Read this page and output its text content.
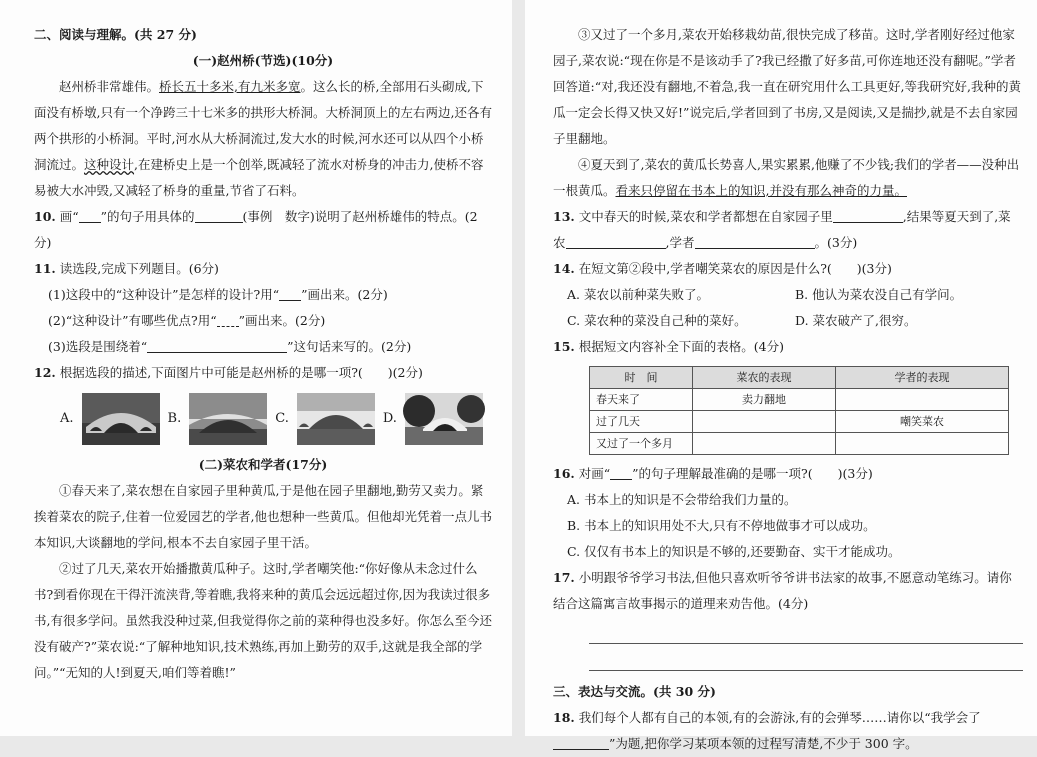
二、阅读与理解。(共 27 分)

(一)赵州桥(节选)(10分)

赵州桥非常雄伟。桥长五十多米,有九米多宽。这么长的桥,全部用石头砌成,下面没有桥墩,只有一个净跨三十七米多的拱形大桥洞。大桥洞顶上的左右两边,还各有两个拱形的小桥洞。平时,河水从大桥洞流过,发大水的时候,河水还可以从四个小桥洞流过。这种设计,在建桥史上是一个创举,既减轻了流水对桥身的冲击力,使桥不容易被大水冲毁,又减轻了桥身的重量,节省了石料。

10. 画“ ”的句子用具体的	(事例　数字)说明了赵州桥雄伟的特点。(2分)

11. 读选段,完成下列题目。(6分)

(1)这段中的“这种设计”是怎样的设计?用“ ”画出来。(2分)

(2)“这种设计”有哪些优点?用“ ”画出来。(2分)

(3)选段是围绕着“	”这句话来写的。(2分)

12. 根据选段的描述,下面图片中可能是赵州桥的是哪一项?(　　)(2分)

A.	B.	C.	D.

(二)菜农和学者(17分)

①春天来了,菜农想在自家园子里种黄瓜,于是他在园子里翻地,勤劳又卖力。紧挨着菜农的院子,住着一位爱园艺的学者,他也想种一些黄瓜。但他却光凭着一点儿书本知识,大谈翻地的学问,根本不去自家园子里干活。

②过了几天,菜农开始播撒黄瓜种子。这时,学者嘲笑他:“你好像从未念过什么书?到看你现在干得汗流浃背,等着瞧,我将来种的黄瓜会远远超过你,因为我读过很多书,有很多学问。虽然我没种过菜,但我觉得你之前的菜种得也没多好。你怎么至今还没有破产?”菜农说:“了解种地知识,技术熟练,再加上勤劳的双手,这就是我全部的学问。”“无知的人!到夏天,咱们等着瞧!”

③又过了一个多月,菜农开始移栽幼苗,很快完成了移苗。这时,学者刚好经过他家园子,菜农说:“现在你是不是该动手了?我已经撒了好多苗,可你连地还没有翻呢。”学者回答道:“对,我还没有翻地,不着急,我一直在研究用什么工具更好,等我研究好,我种的黄瓜一定会长得又快又好!”说完后,学者回到了书房,又是阅读,又是揣抄,就是不去自家园子里翻地。

④夏天到了,菜农的黄瓜长势喜人,果实累累,他赚了不少钱;我们的学者——没种出一根黄瓜。看来只停留在书本上的知识,并没有那么神奇的力量。

13. 文中春天的时候,菜农和学者都想在自家园子里	,结果等夏天到了,菜农	,学者	。(3分)

14. 在短文第②段中,学者嘲笑菜农的原因是什么?(　　)(3分)

A. 菜农以前种菜失败了。	B. 他认为菜农没自己有学问。
C. 菜农种的菜没自己种的菜好。	D. 菜农破产了,很穷。

15. 根据短文内容补全下面的表格。(4分)

时　间	菜农的表现	学者的表现
春天来了	卖力翻地	
过了几天		嘲笑菜农
又过了一个多月		

16. 对画“ ”的句子理解最准确的是哪一项?(　　)(3分)

A. 书本上的知识是不会带给我们力量的。

B. 书本上的知识用处不大,只有不停地做事才可以成功。

C. 仅仅有书本上的知识是不够的,还要勤奋、实干才能成功。

17. 小明跟爷爷学习书法,但他只喜欢听爷爷讲书法家的故事,不愿意动笔练习。请你结合这篇寓言故事揭示的道理来劝告他。(4分)

三、表达与交流。(共 30 分)

18. 我们每个人都有自己的本领,有的会游泳,有的会弹琴……请你以“我学会了”为题,把你学习某项本领的过程写清楚,不少于 300 字。
